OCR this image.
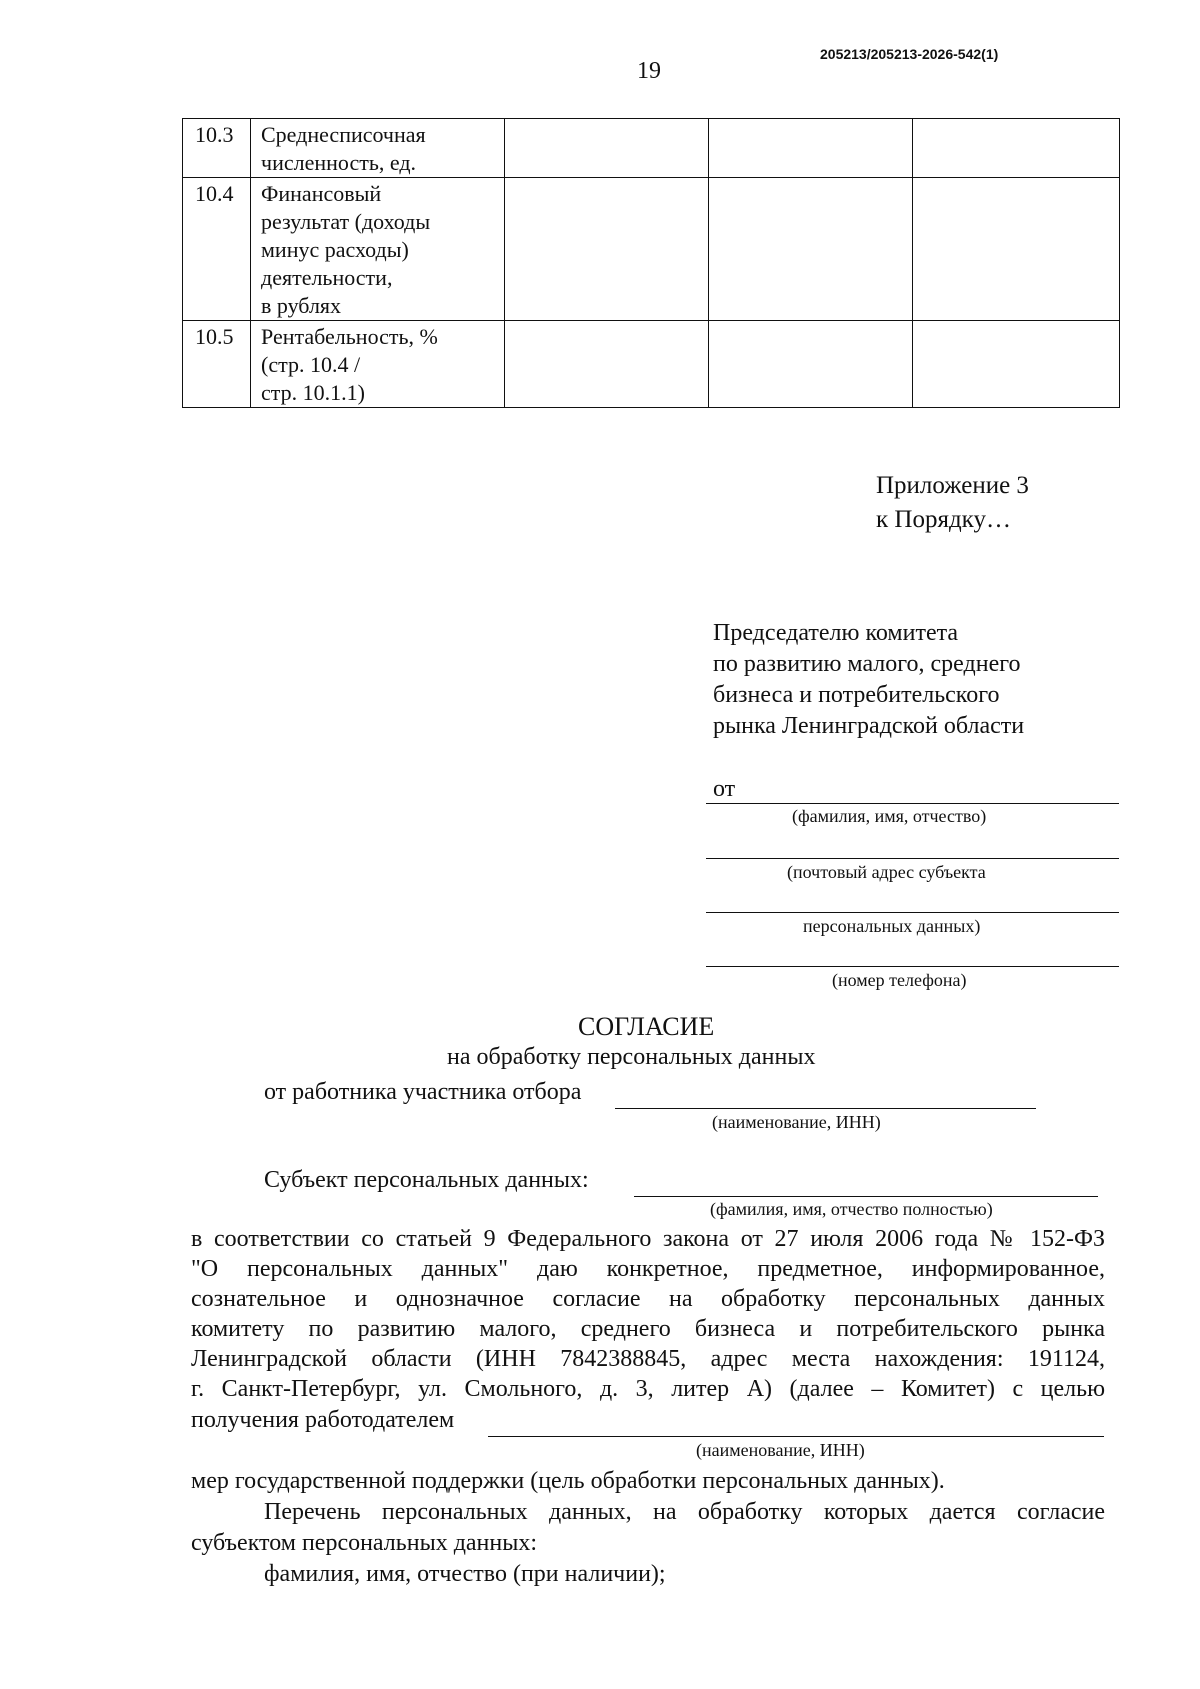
19
205213/205213-2026-542(1)
10.3	Среднесписочная
численность, ед.			

10.4	Финансовый
результат (доходы
минус расходы)
деятельности,
в рублях			

10.5	Рентабельность, %
(стр. 10.4 /
стр. 10.1.1)			

Приложение 3
к Порядку…
Председателю комитета
по развитию малого, среднего
бизнеса и потребительского
рынка Ленинградской области
от
(фамилия, имя, отчество)
(почтовый адрес субъекта
персональных данных)
(номер телефона)
СОГЛАСИЕ
на обработку персональных данных
от работника участника отбора
(наименование, ИНН)
Субъект персональных данных:
(фамилия, имя, отчество полностью)
в соответствии со статьей 9 Федерального закона от 27 июля 2006 года № 152-ФЗ
"О персональных данных" даю конкретное, предметное, информированное,
сознательное и однозначное согласие на обработку персональных данных
комитету по развитию малого, среднего бизнеса и потребительского рынка
Ленинградской области (ИНН 7842388845, адрес места нахождения: 191124,
г. Санкт-Петербург, ул. Смольного, д. 3, литер А) (далее – Комитет) с целью
получения работодателем
(наименование, ИНН)
мер государственной поддержки (цель обработки персональных данных).
Перечень персональных данных, на обработку которых дается согласие
субъектом персональных данных:
фамилия, имя, отчество (при наличии);
